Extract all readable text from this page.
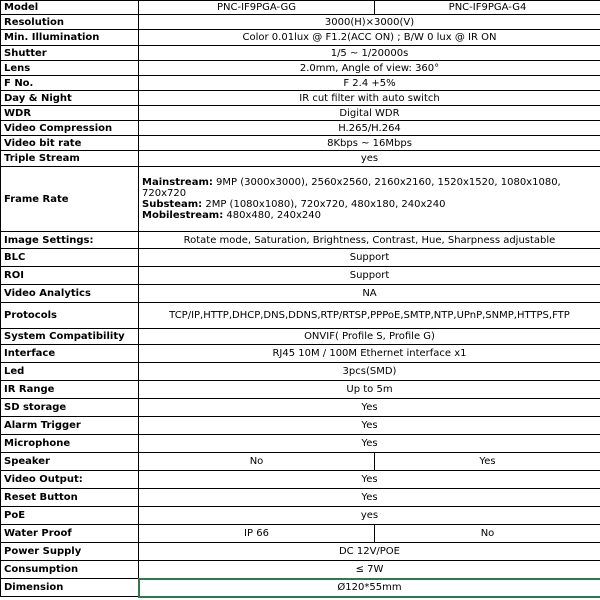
Model	PNC-IF9PGA-GG	PNC-IF9PGA-G4
Resolution	3000(H)×3000(V)	
Min. Illumination	Color 0.01lux @ F1.2(ACC ON) ; B/W 0 lux @ IR ON	
Shutter	1/5 ~ 1/20000s	
Lens	2.0mm, Angle of view: 360°	
F No.	F 2.4 +5%	
Day & Night	IR cut filter with auto switch	
WDR	Digital WDR	
Video Compression	H.265/H.264	
Video bit rate	8Kbps ~ 16Mbps	
Triple Stream	yes	
Frame Rate	Mainstream: 9MP (3000x3000), 2560x2560, 2160x2160, 1520x1520, 1080x1080, 720x720
Substeam: 2MP (1080x1080), 720x720, 480x180, 240x240
Mobilestream: 480x480, 240x240	

Image Settings:	Rotate mode, Saturation, Brightness, Contrast, Hue, Sharpness adjustable	
BLC	Support	
ROI	Support	
Video Analytics	NA	
Protocols	TCP/IP,HTTP,DHCP,DNS,DDNS,RTP/RTSP,PPPoE,SMTP,NTP,UPnP,SNMP,HTTPS,FTP	
System Compatibility	ONVIF( Profile S, Profile G)	
Interface	RJ45 10M / 100M Ethernet interface x1	
Led	3pcs(SMD)	
IR Range	Up to 5m	
SD storage	Yes	
Alarm Trigger	Yes	
Microphone	Yes	
Speaker	No	Yes
Video Output:	Yes	
Reset Button	Yes	
PoE	yes	
Water Proof	IP 66	No
Power Supply	DC 12V/POE	
Consumption	≤ 7W	
Dimension	Ø120*55mm	
